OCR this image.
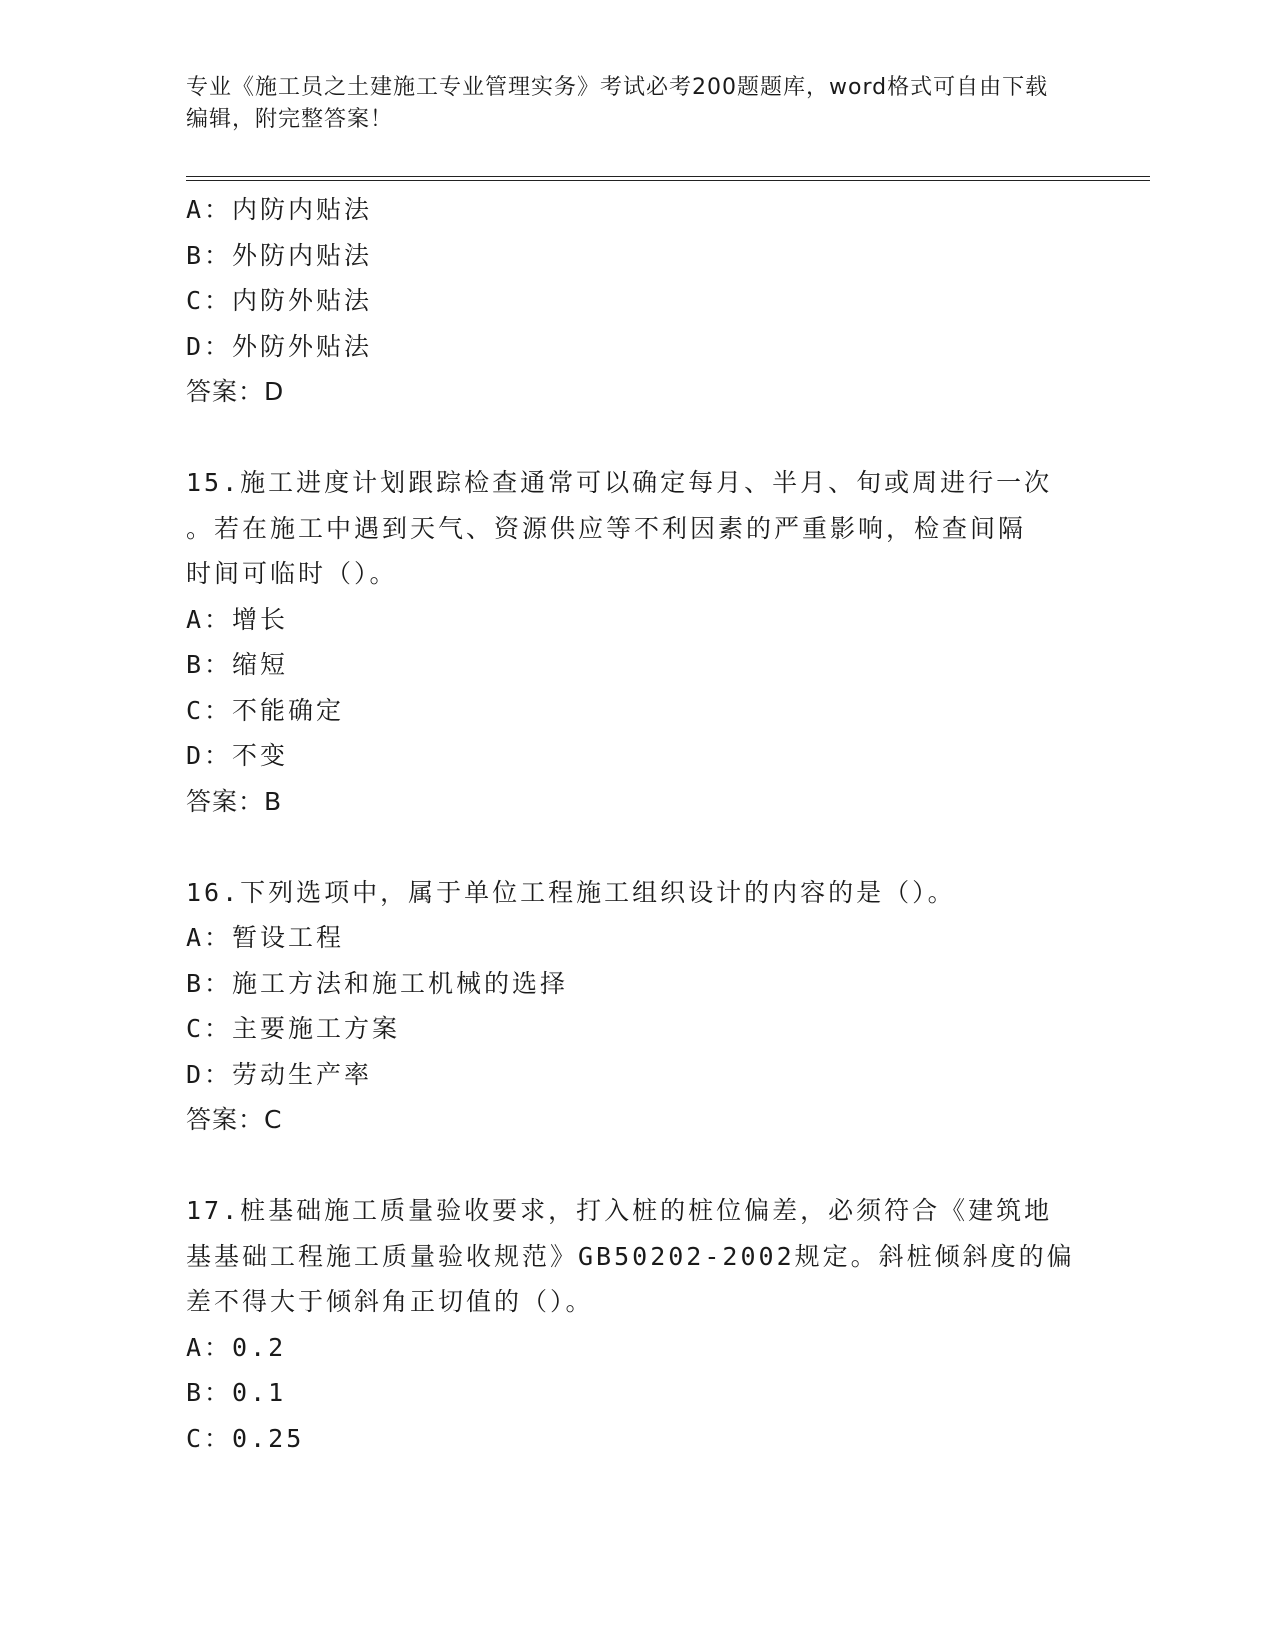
专业《施工员之土建施工专业管理实务》考试必考200题题库，word格式可自由下载编辑，附完整答案！
A：内防内贴法
B：外防内贴法
C：内防外贴法
D：外防外贴法
答案：D
15.施工进度计划跟踪检查通常可以确定每月、半月、旬或周进行一次
。若在施工中遇到天气、资源供应等不利因素的严重影响，检查间隔
时间可临时（）。
A：增长
B：缩短
C：不能确定
D：不变
答案：B
16.下列选项中，属于单位工程施工组织设计的内容的是（）。
A：暂设工程
B：施工方法和施工机械的选择
C：主要施工方案
D：劳动生产率
答案：C
17.桩基础施工质量验收要求，打入桩的桩位偏差，必须符合《建筑地
基基础工程施工质量验收规范》GB50202-2002规定。斜桩倾斜度的偏
差不得大于倾斜角正切值的（）。
A：0.2
B：0.1
C：0.25
